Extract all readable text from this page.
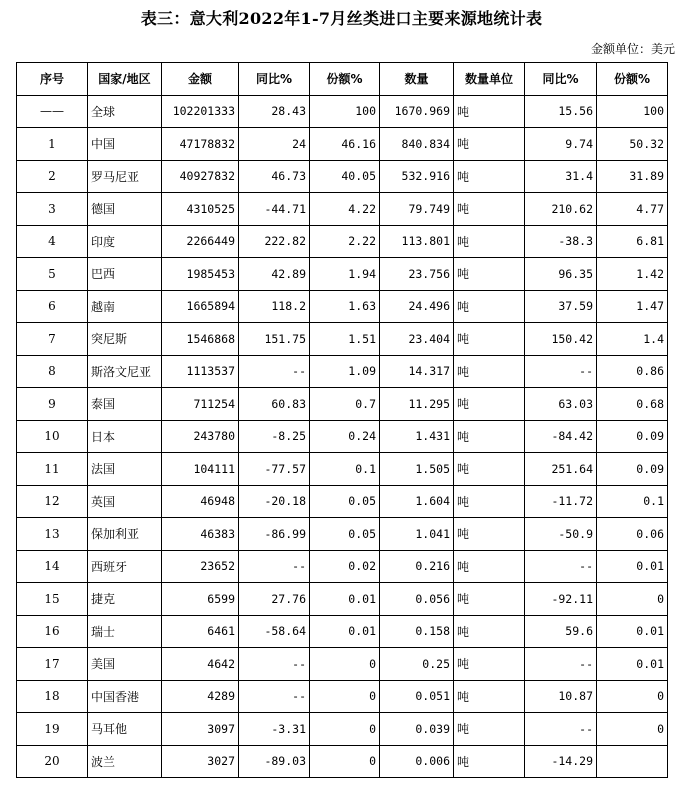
表三：意大利2022年1-7月丝类进口主要来源地统计表
金额单位：美元
序号	国家/地区	金额	同比%	份额%	数量	数量单位	同比%	份额%
——	全球	102201333	28.43	100	1670.969	吨	15.56	100
1	中国	47178832	24	46.16	840.834	吨	9.74	50.32
2	罗马尼亚	40927832	46.73	40.05	532.916	吨	31.4	31.89
3	德国	4310525	-44.71	4.22	79.749	吨	210.62	4.77
4	印度	2266449	222.82	2.22	113.801	吨	-38.3	6.81
5	巴西	1985453	42.89	1.94	23.756	吨	96.35	1.42
6	越南	1665894	118.2	1.63	24.496	吨	37.59	1.47
7	突尼斯	1546868	151.75	1.51	23.404	吨	150.42	1.4
8	斯洛文尼亚	1113537	--	1.09	14.317	吨	--	0.86
9	泰国	711254	60.83	0.7	11.295	吨	63.03	0.68
10	日本	243780	-8.25	0.24	1.431	吨	-84.42	0.09
11	法国	104111	-77.57	0.1	1.505	吨	251.64	0.09
12	英国	46948	-20.18	0.05	1.604	吨	-11.72	0.1
13	保加利亚	46383	-86.99	0.05	1.041	吨	-50.9	0.06
14	西班牙	23652	--	0.02	0.216	吨	--	0.01
15	捷克	6599	27.76	0.01	0.056	吨	-92.11	0
16	瑞士	6461	-58.64	0.01	0.158	吨	59.6	0.01
17	美国	4642	--	0	0.25	吨	--	0.01
18	中国香港	4289	--	0	0.051	吨	10.87	0
19	马耳他	3097	-3.31	0	0.039	吨	--	0
20	波兰	3027	-89.03	0	0.006	吨	-14.29	
